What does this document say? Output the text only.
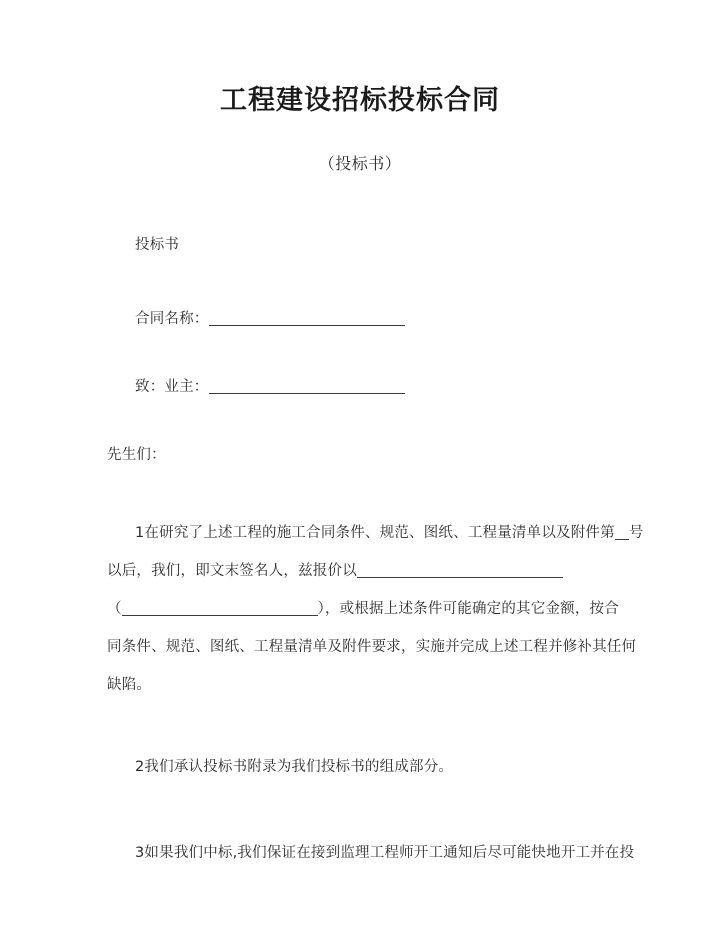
工程建设招标投标合同
（投标书）
投标书
合同名称：
致：业主：
先生们：
1在研究了上述工程的施工合同条件、规范、图纸、工程量清单以及附件第 号
以后，我们，即文末签名人，兹报价以
（	），或根据上述条件可能确定的其它金额，按合
同条件、规范、图纸、工程量清单及附件要求，实施并完成上述工程并修补其任何
缺陷。
2我们承认投标书附录为我们投标书的组成部分。
3如果我们中标,我们保证在接到监理工程师开工通知后尽可能快地开工并在投
